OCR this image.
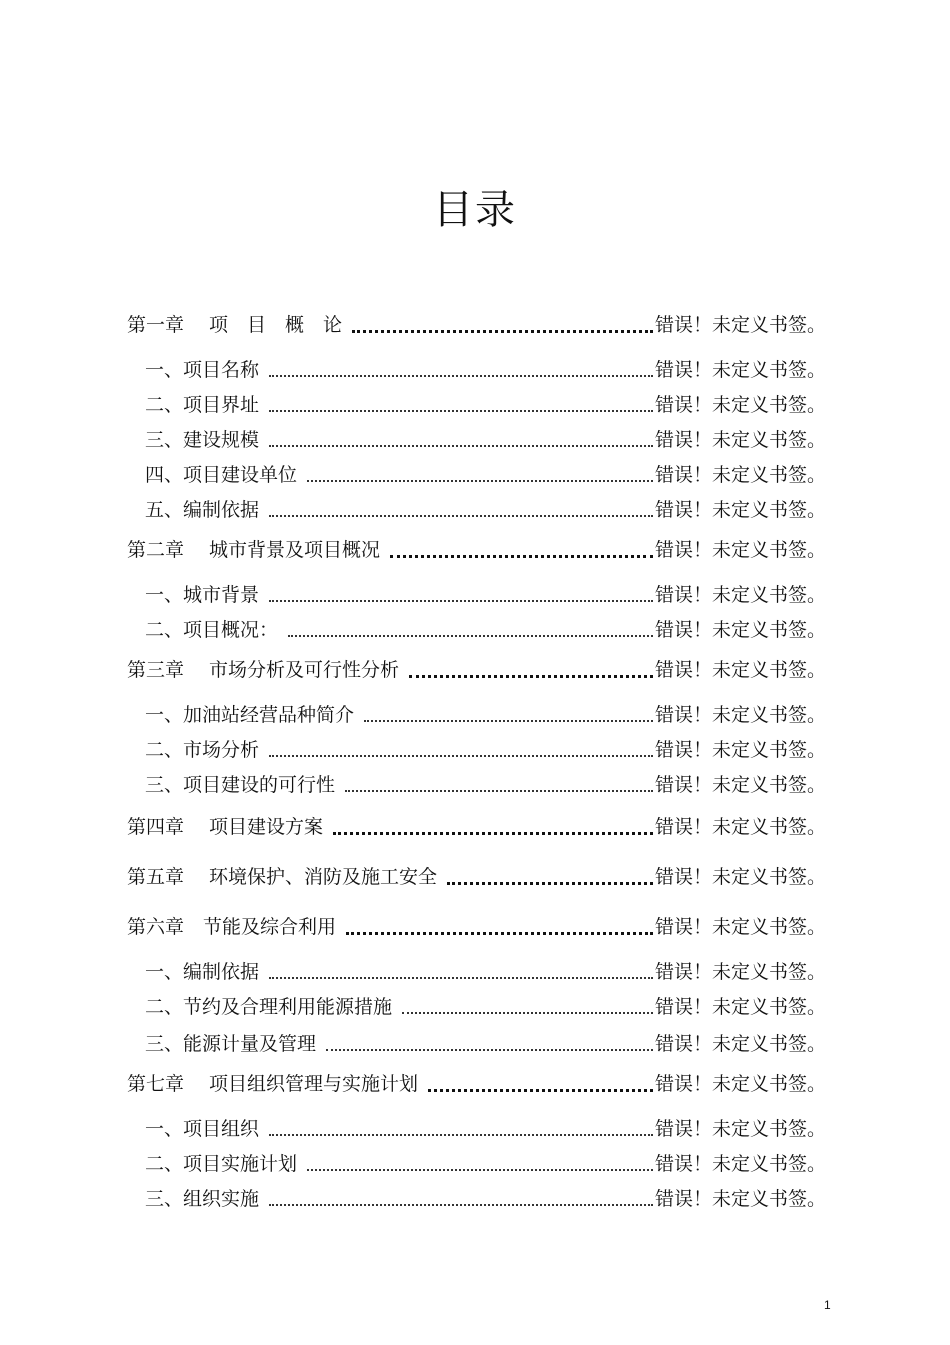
目录
第一章　 项　目　概　论	错误！未定义书签。
一、项目名称	错误！未定义书签。
二、项目界址	错误！未定义书签。
三、建设规模	错误！未定义书签。
四、项目建设单位	错误！未定义书签。
五、编制依据	错误！未定义书签。
第二章　 城市背景及项目概况	错误！未定义书签。
一、城市背景	错误！未定义书签。
二、项目概况：	错误！未定义书签。
第三章　 市场分析及可行性分析	错误！未定义书签。
一、加油站经营品种简介	错误！未定义书签。
二、市场分析	错误！未定义书签。
三、项目建设的可行性	错误！未定义书签。
第四章　 项目建设方案	错误！未定义书签。
第五章　 环境保护、消防及施工安全	错误！未定义书签。
第六章　节能及综合利用	错误！未定义书签。
一、编制依据	错误！未定义书签。
二、节约及合理利用能源措施	错误！未定义书签。
三、能源计量及管理	错误！未定义书签。
第七章　 项目组织管理与实施计划	错误！未定义书签。
一、项目组织	错误！未定义书签。
二、项目实施计划	错误！未定义书签。
三、组织实施	错误！未定义书签。
1
